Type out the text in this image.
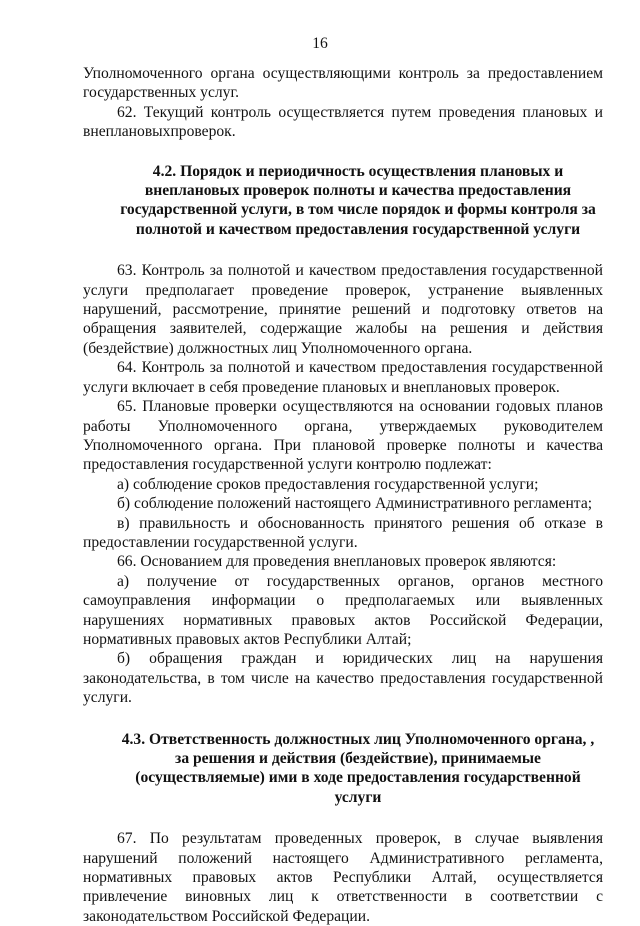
16

Уполномоченного органа осуществляющими контроль за предоставлением государственных услуг.

62. Текущий контроль осуществляется путем проведения плановых и внеплановыхпроверок.

4.2. Порядок и периодичность осуществления плановых и внеплановых проверок полноты и качества предоставления государственной услуги, в том числе порядок и формы контроля за полнотой и качеством предоставления государственной услуги

63. Контроль за полнотой и качеством предоставления государственной услуги предполагает проведение проверок, устранение выявленных нарушений, рассмотрение, принятие решений и подготовку ответов на обращения заявителей, содержащие жалобы на решения и действия (бездействие) должностных лиц Уполномоченного органа.

64. Контроль за полнотой и качеством предоставления государственной услуги включает в себя проведение плановых и внеплановых проверок.

65. Плановые проверки осуществляются на основании годовых планов работы Уполномоченного органа, утверждаемых руководителем Уполномоченного органа. При плановой проверке полноты и качества предоставления государственной услуги контролю подлежат:

а) соблюдение сроков предоставления государственной услуги;

б) соблюдение положений настоящего Административного регламента;

в) правильность и обоснованность принятого решения об отказе в предоставлении государственной услуги.

66. Основанием для проведения внеплановых проверок являются:

а) получение от государственных органов, органов местного самоуправления информации о предполагаемых или выявленных нарушениях нормативных правовых актов Российской Федерации, нормативных правовых актов Республики Алтай;

б) обращения граждан и юридических лиц на нарушения законодательства, в том числе на качество предоставления государственной услуги.

4.3. Ответственность должностных лиц Уполномоченного органа, , за решения и действия (бездействие), принимаемые (осуществляемые) ими в ходе предоставления государственной услуги

67. По результатам проведенных проверок, в случае выявления нарушений положений настоящего Административного регламента, нормативных правовых актов Республики Алтай, осуществляется привлечение виновных лиц к ответственности в соответствии с законодательством Российской Федерации.
